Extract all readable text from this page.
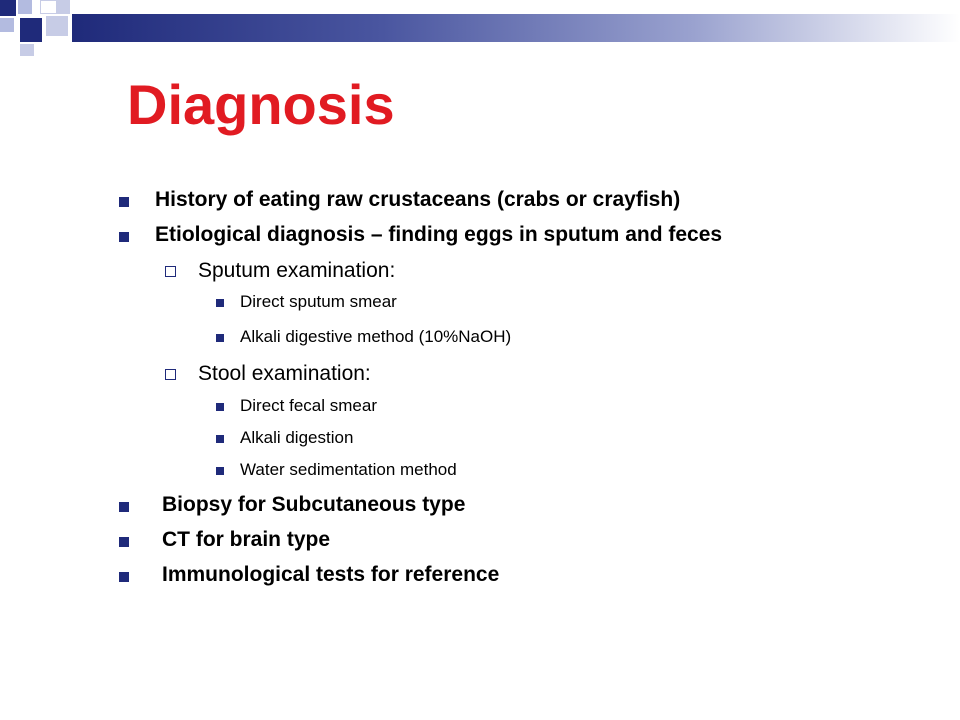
Diagnosis
History of eating raw crustaceans (crabs or crayfish)
Etiological diagnosis – finding eggs in sputum and feces
Sputum examination:
Direct sputum smear
Alkali digestive method (10%NaOH)
Stool examination:
Direct fecal smear
Alkali digestion
Water sedimentation method
Biopsy for Subcutaneous type
CT for brain type
Immunological tests for reference
